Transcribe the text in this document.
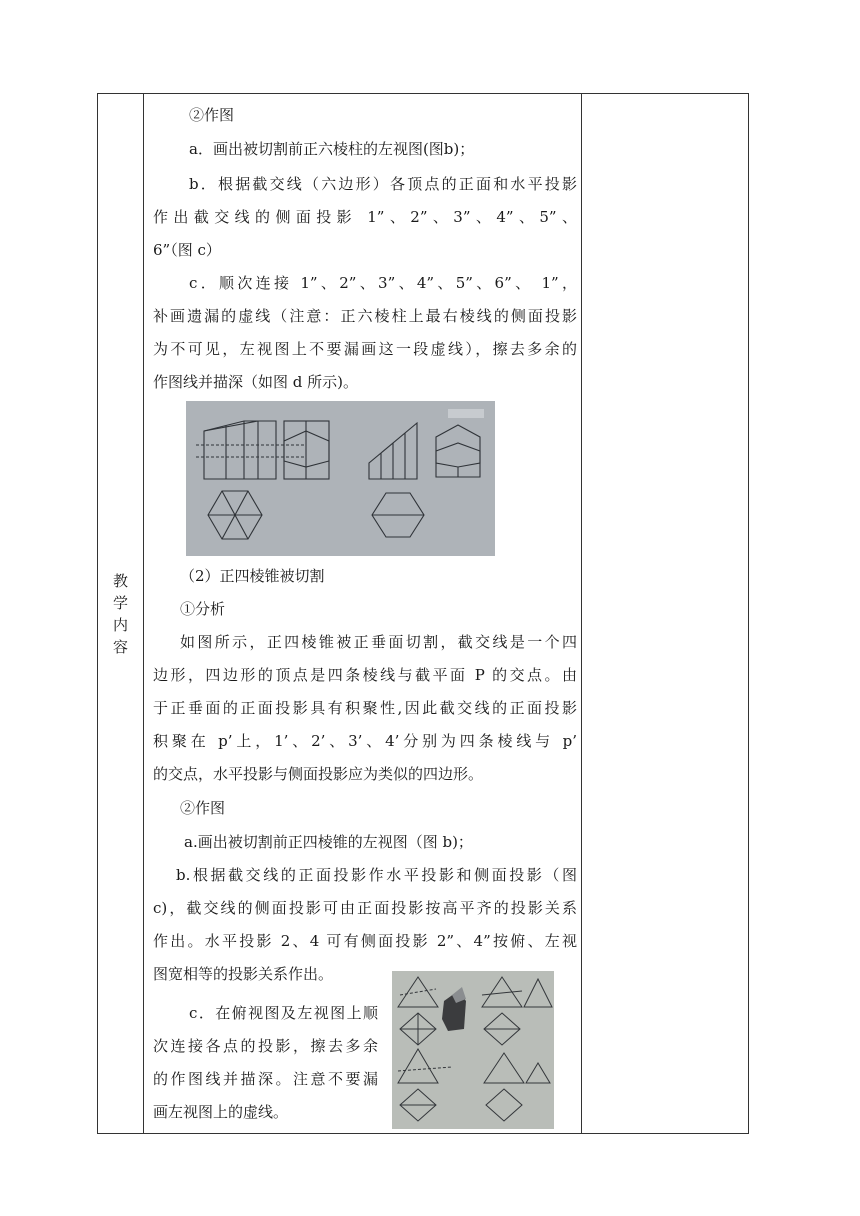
教学内容

②作图
a．画出被切割前正六棱柱的左视图(图b)；
b．根据截交线（六边形）各顶点的正面和水平投影
作出截交线的侧面投影 1”、2”、3”、4”、5”、
6”（图 c）
c．顺次连接 1”、2”、3”、4”、5”、6”、 1”，
补画遗漏的虚线（注意：正六棱柱上最右棱线的侧面投影
为不可见，左视图上不要漏画这一段虚线），擦去多余的
作图线并描深（如图 d 所示)。
（2）正四棱锥被切割
①分析
如图所示，正四棱锥被正垂面切割，截交线是一个四
边形，四边形的顶点是四条棱线与截平面 P 的交点。由
于正垂面的正面投影具有积聚性,因此截交线的正面投影
积聚在 p’上，1’、2’、3’、4’分别为四条棱线与 p’
的交点，水平投影与侧面投影应为类似的四边形。
②作图
a.画出被切割前正四棱锥的左视图（图 b)；
b.根据截交线的正面投影作水平投影和侧面投影（图
c)，截交线的侧面投影可由正面投影按高平齐的投影关系
作出。水平投影 2、4 可有侧面投影 2”、4”按俯、左视
图宽相等的投影关系作出。
c．在俯视图及左视图上顺
次连接各点的投影，擦去多余
的作图线并描深。注意不要漏
画左视图上的虚线。
